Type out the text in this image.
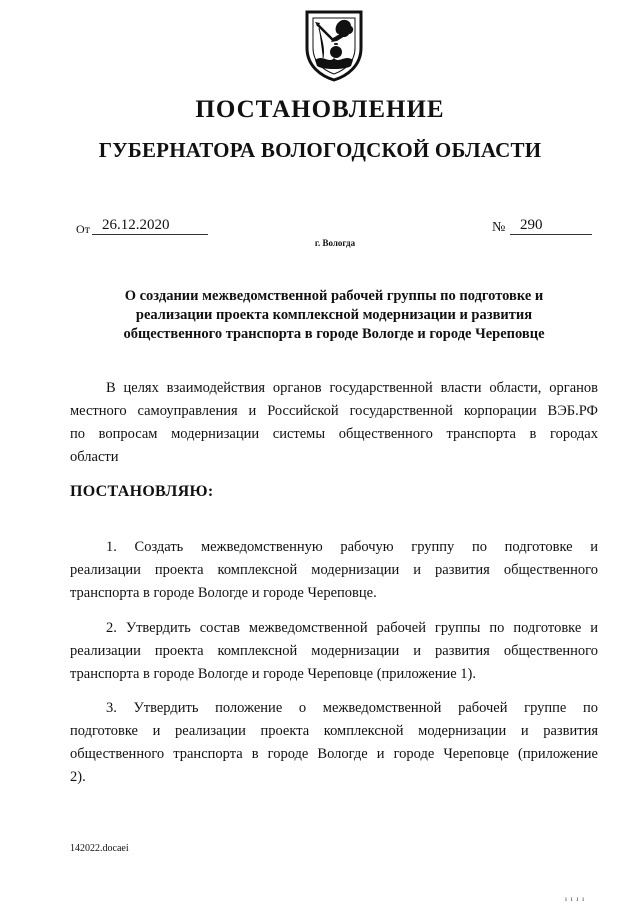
ПОСТАНОВЛЕНИЕ
ГУБЕРНАТОРА ВОЛОГОДСКОЙ ОБЛАСТИ
От 26.12.2020	№ 290
г. Вологда
О создании межведомственной рабочей группы по подготовке и
реализации проекта комплексной модернизации и развития
общественного транспорта в городе Вологде и городе Череповце
В целях взаимодействия органов государственной власти области, органов
местного самоуправления и Российской государственной корпорации ВЭБ.РФ
по вопросам модернизации системы общественного транспорта в городах
области
ПОСТАНОВЛЯЮ:
1. Создать межведомственную рабочую группу по подготовке и
реализации проекта комплексной модернизации и развития общественного
транспорта в городе Вологде и городе Череповце.
2. Утвердить состав межведомственной рабочей группы по подготовке и
реализации проекта комплексной модернизации и развития общественного
транспорта в городе Вологде и городе Череповце (приложение 1).
3. Утвердить положение о межведомственной рабочей группе по
подготовке и реализации проекта комплексной модернизации и развития
общественного транспорта в городе Вологде и городе Череповце (приложение
2).
142022.docaei
ı ı ı ı
